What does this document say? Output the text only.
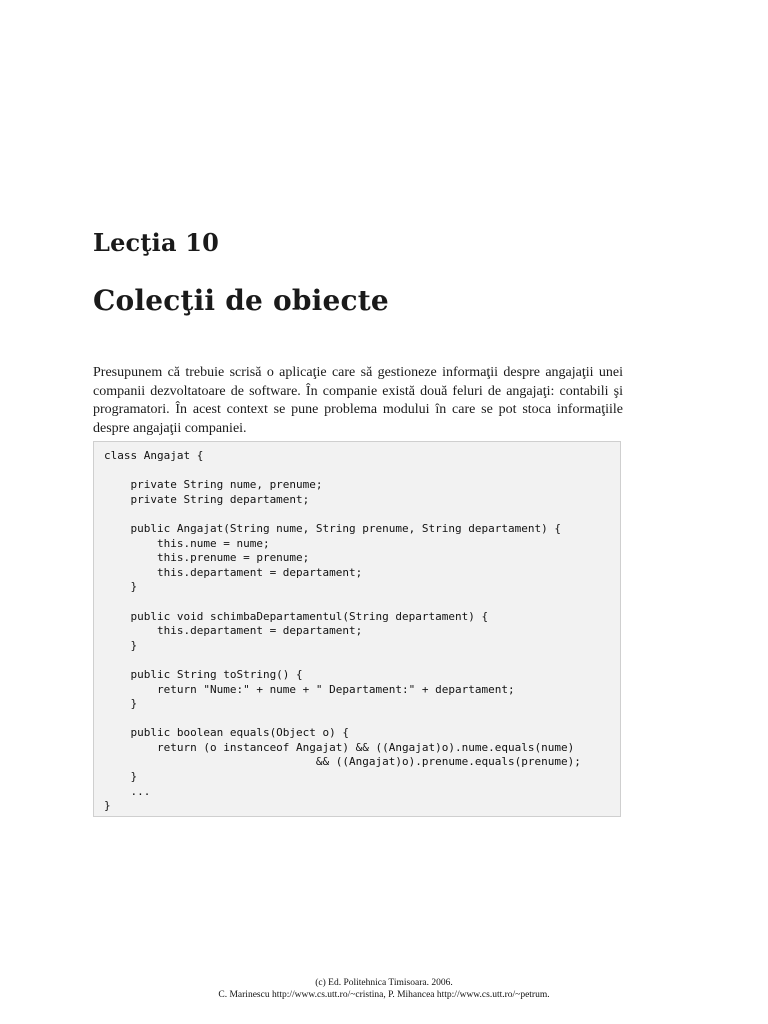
Lecţia 10
Colecţii de obiecte

Presupunem că trebuie scrisă o aplicaţie care să gestioneze informaţii despre angajaţii unei companii dezvoltatoare de software. În companie există două feluri de angajaţi: contabili şi programatori. În acest context se pune problema modului în care se pot stoca informaţiile despre angajaţii companiei.

class Angajat {
private String nume, prenume;
private String departament;
public Angajat(String nume, String prenume, String departament) {
this.nume = nume;
this.prenume = prenume;
this.departament = departament;
}
public void schimbaDepartamentul(String departament) {
this.departament = departament;
}
public String toString() {
return "Nume:" + nume + " Departament:" + departament;
}
public boolean equals(Object o) {
return (o instanceof Angajat) && ((Angajat)o).nume.equals(nume)
&& ((Angajat)o).prenume.equals(prenume);
}
...
}
(c) Ed. Politehnica Timisoara. 2006.
C. Marinescu http://www.cs.utt.ro/~cristina, P. Mihancea http://www.cs.utt.ro/~petrum.
